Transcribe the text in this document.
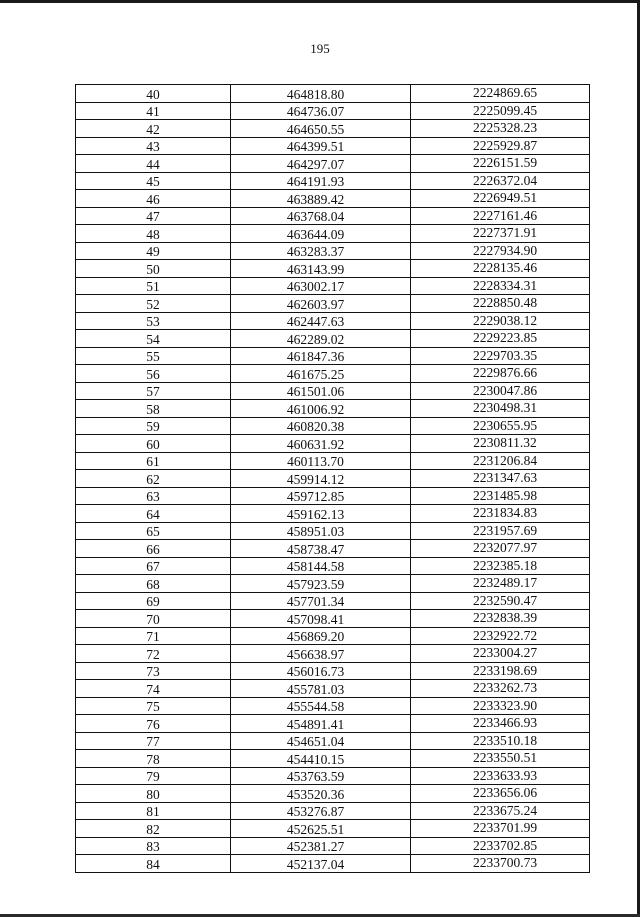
195
40	464818.80	2224869.65
41	464736.07	2225099.45
42	464650.55	2225328.23
43	464399.51	2225929.87
44	464297.07	2226151.59
45	464191.93	2226372.04
46	463889.42	2226949.51
47	463768.04	2227161.46
48	463644.09	2227371.91
49	463283.37	2227934.90
50	463143.99	2228135.46
51	463002.17	2228334.31
52	462603.97	2228850.48
53	462447.63	2229038.12
54	462289.02	2229223.85
55	461847.36	2229703.35
56	461675.25	2229876.66
57	461501.06	2230047.86
58	461006.92	2230498.31
59	460820.38	2230655.95
60	460631.92	2230811.32
61	460113.70	2231206.84
62	459914.12	2231347.63
63	459712.85	2231485.98
64	459162.13	2231834.83
65	458951.03	2231957.69
66	458738.47	2232077.97
67	458144.58	2232385.18
68	457923.59	2232489.17
69	457701.34	2232590.47
70	457098.41	2232838.39
71	456869.20	2232922.72
72	456638.97	2233004.27
73	456016.73	2233198.69
74	455781.03	2233262.73
75	455544.58	2233323.90
76	454891.41	2233466.93
77	454651.04	2233510.18
78	454410.15	2233550.51
79	453763.59	2233633.93
80	453520.36	2233656.06
81	453276.87	2233675.24
82	452625.51	2233701.99
83	452381.27	2233702.85
84	452137.04	2233700.73
